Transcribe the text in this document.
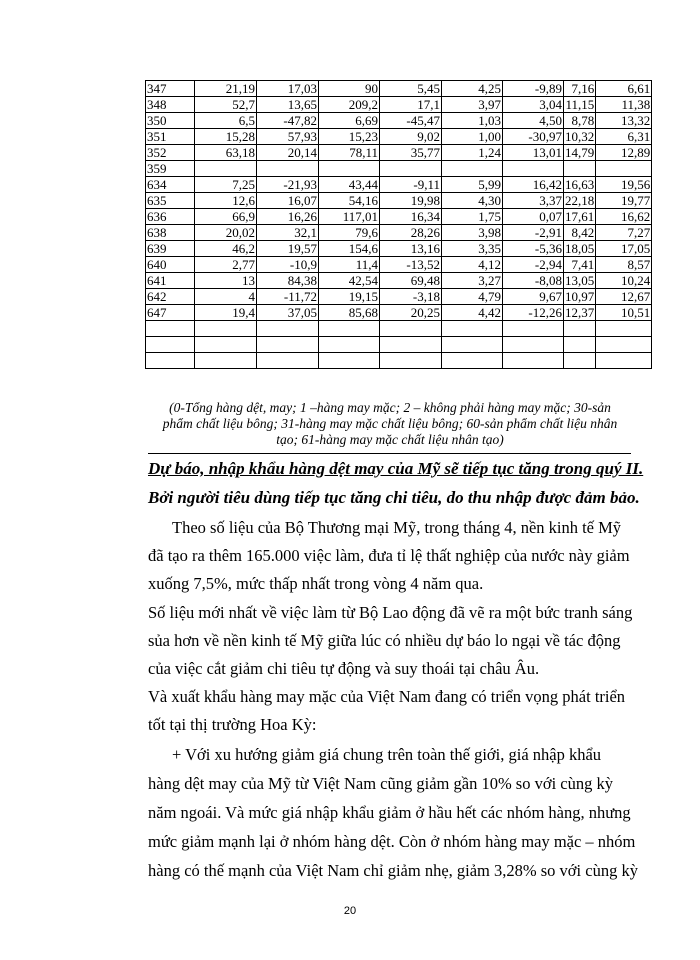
347	21,19	17,03	90	5,45	4,25	-9,89	7,16	6,61
348	52,7	13,65	209,2	17,1	3,97	3,04	11,15	11,38
350	6,5	-47,82	6,69	-45,47	1,03	4,50	8,78	13,32
351	15,28	57,93	15,23	9,02	1,00	-30,97	10,32	6,31
352	63,18	20,14	78,11	35,77	1,24	13,01	14,79	12,89
359								
634	7,25	-21,93	43,44	-9,11	5,99	16,42	16,63	19,56
635	12,6	16,07	54,16	19,98	4,30	3,37	22,18	19,77
636	66,9	16,26	117,01	16,34	1,75	0,07	17,61	16,62
638	20,02	32,1	79,6	28,26	3,98	-2,91	8,42	7,27
639	46,2	19,57	154,6	13,16	3,35	-5,36	18,05	17,05
640	2,77	-10,9	11,4	-13,52	4,12	-2,94	7,41	8,57
641	13	84,38	42,54	69,48	3,27	-8,08	13,05	10,24
642	4	-11,72	19,15	-3,18	4,79	9,67	10,97	12,67
647	19,4	37,05	85,68	20,25	4,42	-12,26	12,37	10,51

(0-Tổng hàng dệt, may; 1 –hàng may mặc; 2 – không phải hàng may mặc; 30-sản
phẩm chất liệu bông; 31-hàng may mặc chất liệu bông; 60-sản phẩm chất liệu nhân
tạo; 61-hàng may mặc chất liệu nhân tạo)
Dự báo, nhập khẩu hàng dệt may của Mỹ sẽ tiếp tục tăng trong quý II.
Bởi người tiêu dùng tiếp tục tăng chi tiêu, do thu nhập được đảm bảo.
Theo số liệu của Bộ Thương mại Mỹ, trong tháng 4, nền kinh tế Mỹ
đã tạo ra thêm 165.000 việc làm, đưa tỉ lệ thất nghiệp của nước này giảm
xuống 7,5%, mức thấp nhất trong vòng 4 năm qua.
Số liệu mới nhất về việc làm từ Bộ Lao động đã vẽ ra một bức tranh sáng
sủa hơn về nền kinh tế Mỹ giữa lúc có nhiều dự báo lo ngại về tác động
của việc cắt giảm chi tiêu tự động và suy thoái tại châu Âu.
Và xuất khẩu hàng may mặc của Việt Nam đang có triển vọng phát triển
tốt tại thị trường Hoa Kỳ:
+ Với xu hướng giảm giá chung trên toàn thế giới, giá nhập khẩu
hàng dệt may của Mỹ từ Việt Nam cũng giảm gần 10% so với cùng kỳ
năm ngoái. Và mức giá nhập khẩu giảm ở hầu hết các nhóm hàng, nhưng
mức giảm mạnh lại ở nhóm hàng dệt. Còn ở nhóm hàng may mặc – nhóm
hàng có thế mạnh của Việt Nam chỉ giảm nhẹ, giảm 3,28% so với cùng kỳ
20
